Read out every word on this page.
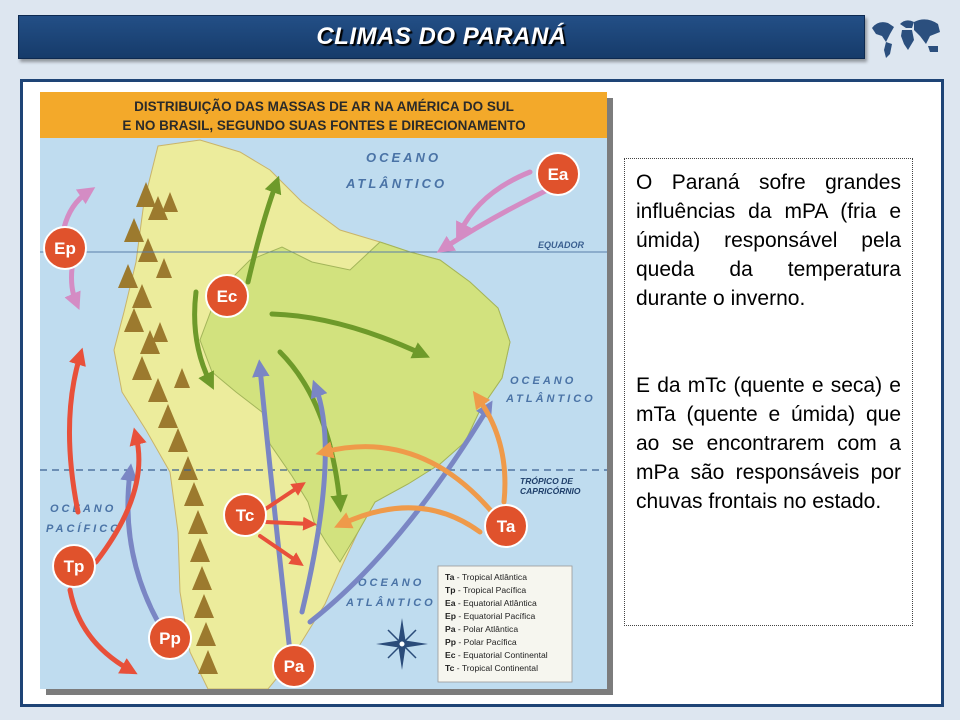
CLIMAS DO PARANÁ
DISTRIBUIÇÃO DAS MASSAS DE AR NA AMÉRICA DO SUL
E NO BRASIL, SEGUNDO SUAS FONTES E DIRECIONAMENTO
EQUADOR
TRÓPICO DE
CAPRICÓRNIO
OCEANO
ATLÂNTICO
OCEANO
ATLÂNTICO
OCEANO
ATLÂNTICO
OCEANO
PACÍFICO
Ea
Ep
Ec
Tc
Ta
Tp
Pp
Pa
Ta - Tropical Atlântica
Tp - Tropical Pacífica
Ea - Equatorial Atlântica
Ep - Equatorial Pacífica
Pa - Polar Atlântica
Pp - Polar Pacífica
Ec - Equatorial Continental
Tc - Tropical Continental

O Paraná sofre grandes influências da mPA (fria e úmida) responsável pela queda da temperatura durante o inverno.

E da mTc (quente e seca) e mTa (quente e úmida) que ao se encontrarem com a mPa são responsáveis por chuvas frontais no estado.
